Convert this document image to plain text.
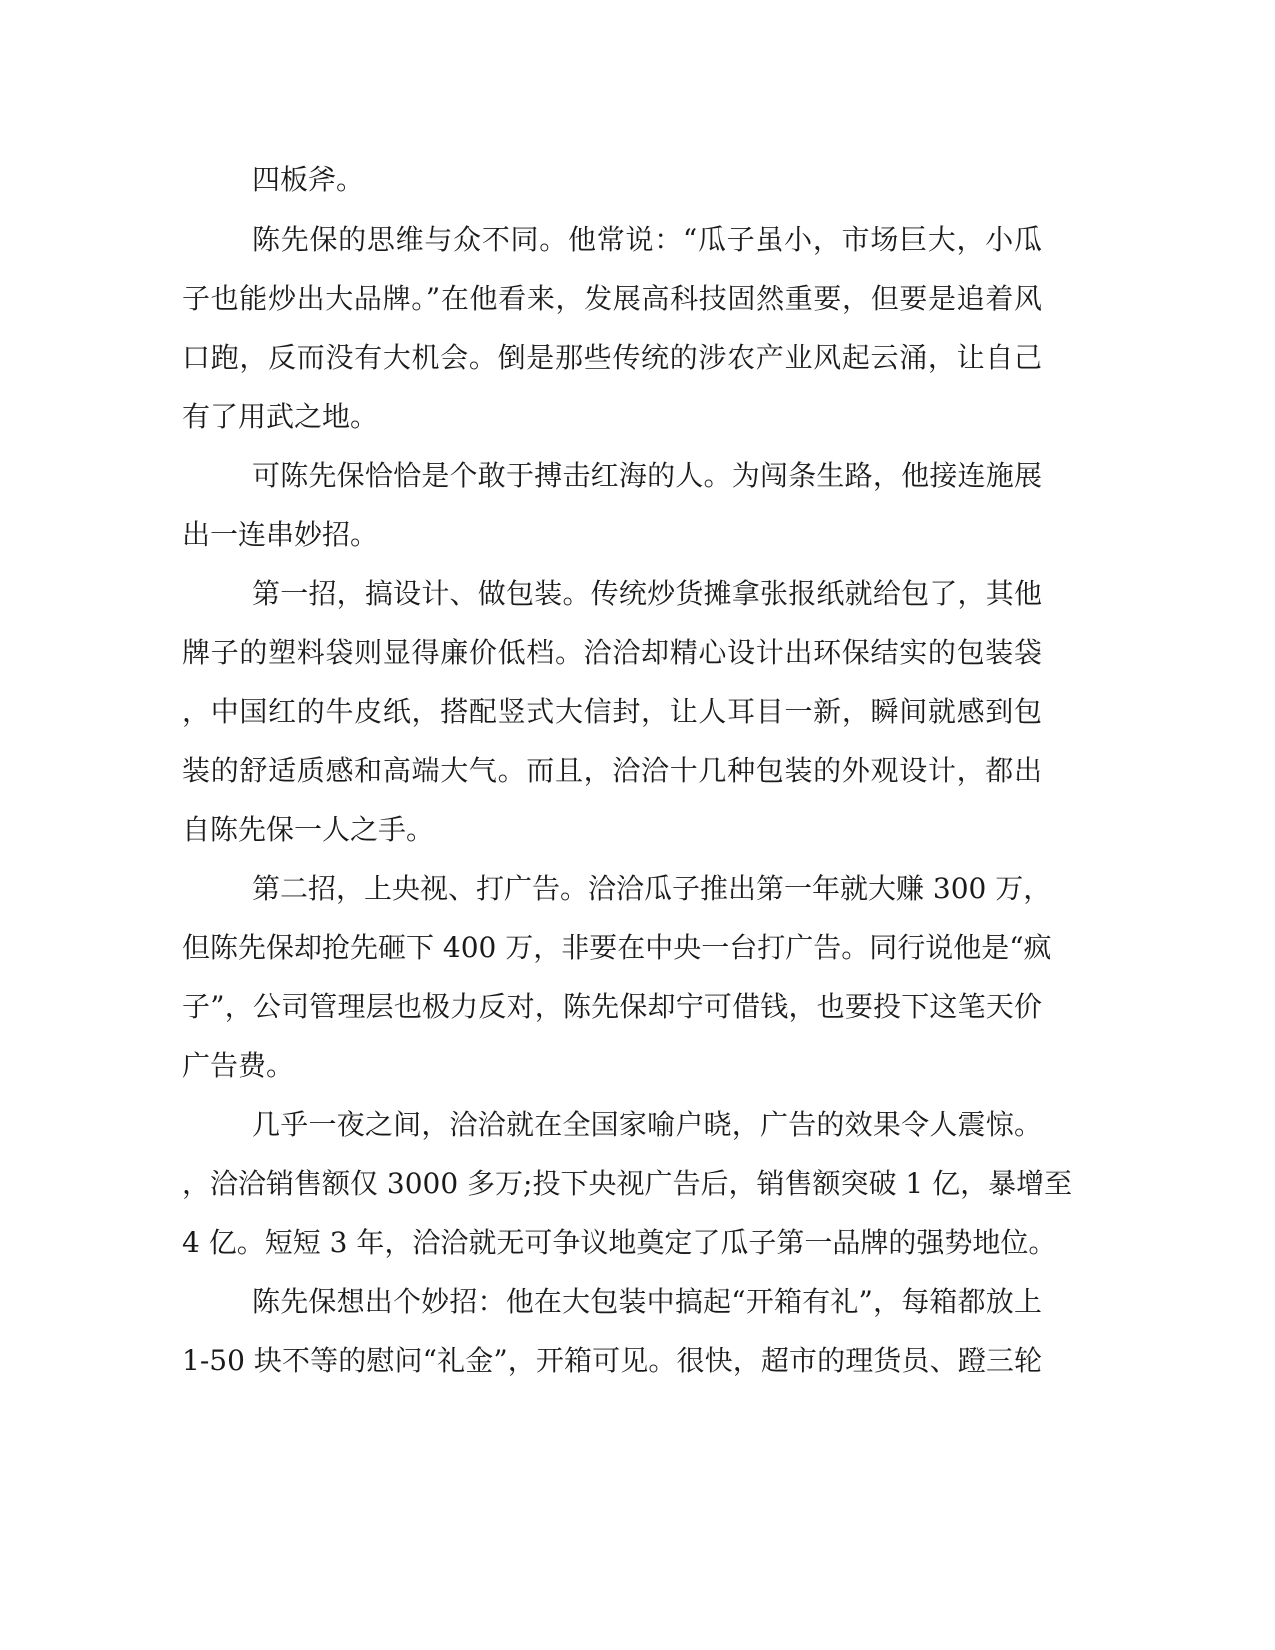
四板斧。

陈先保的思维与众不同。他常说：“瓜子虽小，市场巨大，小瓜

子也能炒出大品牌。”在他看来，发展高科技固然重要，但要是追着风

口跑，反而没有大机会。倒是那些传统的涉农产业风起云涌，让自己

有了用武之地。

可陈先保恰恰是个敢于搏击红海的人。为闯条生路，他接连施展

出一连串妙招。

第一招，搞设计、做包装。传统炒货摊拿张报纸就给包了，其他

牌子的塑料袋则显得廉价低档。洽洽却精心设计出环保结实的包装袋

，中国红的牛皮纸，搭配竖式大信封，让人耳目一新，瞬间就感到包

装的舒适质感和高端大气。而且，洽洽十几种包装的外观设计，都出

自陈先保一人之手。

第二招，上央视、打广告。洽洽瓜子推出第一年就大赚 300 万，

但陈先保却抢先砸下 400 万，非要在中央一台打广告。同行说他是“疯

子”，公司管理层也极力反对，陈先保却宁可借钱，也要投下这笔天价

广告费。

几乎一夜之间，洽洽就在全国家喻户晓，广告的效果令人震惊。

，洽洽销售额仅 3000 多万;投下央视广告后，销售额突破 1 亿，暴增至

4 亿。短短 3 年，洽洽就无可争议地奠定了瓜子第一品牌的强势地位。

陈先保想出个妙招：他在大包装中搞起“开箱有礼”，每箱都放上

1-50 块不等的慰问“礼金”，开箱可见。很快，超市的理货员、蹬三轮
